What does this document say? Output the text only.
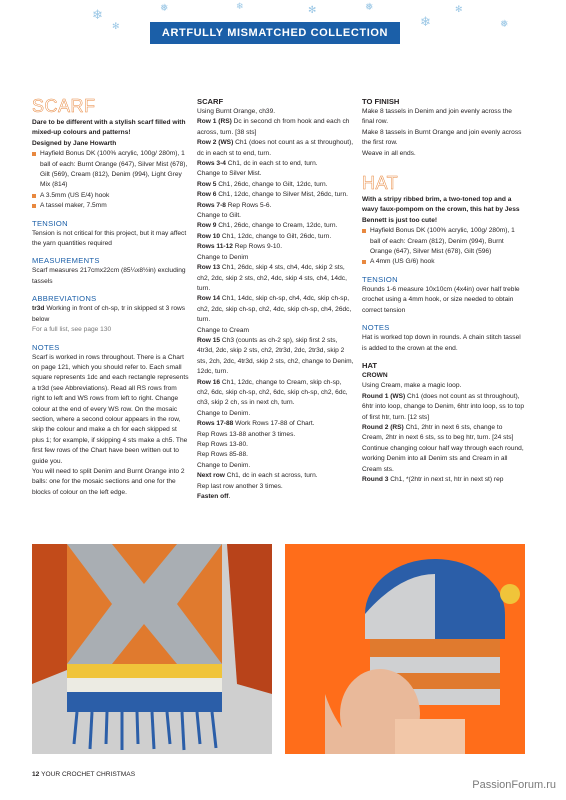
❄
✻
❅	❄	✻	❅
❄
✻
❅
ARTFULLY MISMATCHED COLLECTION
SCARF
Dare to be different with a stylish scarf filled with mixed-up colours and patterns!
Designed by Jane Howarth
Hayfield Bonus DK (100% acrylic, 100g/ 280m), 1 ball of each: Burnt Orange (647), Silver Mist (678), Gilt (569), Cream (812), Denim (994), Light Grey Mix (814)
A 3.5mm (US E/4) hook
A tassel maker, 7.5mm
TENSION
Tension is not critical for this project, but it may affect the yarn quantities required
MEASUREMENTS
Scarf measures 217cmx22cm (85¼x8½in) excluding tassels
ABBREVIATIONS
tr3d Working in front of ch-sp, tr in skipped st 3 rows below
For a full list, see page 130
NOTES
Scarf is worked in rows throughout. There is a Chart on page 121, which you should refer to. Each small square represents 1dc and each rectangle represents a tr3d (see Abbreviations). Read all RS rows from right to left and WS rows from left to right. Change colour at the end of every WS row. On the mosaic section, where a second colour appears in the row, skip the colour and make a ch for each skipped st plus 1; for example, if skipping 4 sts make a ch5. The first few rows of the Chart have been written out to guide you.
You will need to split Denim and Burnt Orange into 2 balls: one for the mosaic sections and one for the blocks of colour on the left edge.
SCARF
Using Burnt Orange, ch39.
Row 1 (RS) Dc in second ch from hook and each ch across, turn. [38 sts]
Row 2 (WS) Ch1 (does not count as a st throughout), dc in each st to end, turn.
Rows 3-4 Ch1, dc in each st to end, turn.
Change to Silver Mist.
Row 5 Ch1, 26dc, change to Gilt, 12dc, turn.
Row 6 Ch1, 12dc, change to Silver Mist, 26dc, turn.
Rows 7-8 Rep Rows 5-6.
Change to Gilt.
Row 9 Ch1, 26dc, change to Cream, 12dc, turn.
Row 10 Ch1, 12dc, change to Gilt, 26dc, turn.
Rows 11-12 Rep Rows 9-10.
Change to Denim
Row 13 Ch1, 26dc, skip 4 sts, ch4, 4dc, skip 2 sts, ch2, 2dc, skip 2 sts, ch2, 4dc, skip 4 sts, ch4, 14dc, turn.
Row 14 Ch1, 14dc, skip ch-sp, ch4, 4dc, skip ch-sp, ch2, 2dc, skip ch-sp, ch2, 4dc, skip ch-sp, ch4, 26dc, turn.
Change to Cream
Row 15 Ch3 (counts as ch-2 sp), skip first 2 sts, 4tr3d, 2dc, skip 2 sts, ch2, 2tr3d, 2dc, 2tr3d, skip 2 sts, 2ch, 2dc, 4tr3d, skip 2 sts, ch2, change to Denim, 12dc, turn.
Row 16 Ch1, 12dc, change to Cream, skip ch-sp, ch2, 6dc, skip ch-sp, ch2, 6dc, skip ch-sp, ch2, 6dc, ch3, skip 2 ch, ss in next ch, turn.
Change to Denim.
Rows 17-88 Work Rows 17-88 of Chart.
Rep Rows 13-88 another 3 times.
Rep Rows 13-80.
Rep Rows 85-88.
Change to Denim.
Next row Ch1, dc in each st across, turn.
Rep last row another 3 times.
Fasten off.
TO FINISH
Make 8 tassels in Denim and join evenly across the final row.
Make 8 tassels in Burnt Orange and join evenly across the first row.
Weave in all ends.
HAT
With a stripy ribbed brim, a two-toned top and a wavy faux-pompom on the crown, this hat by Jess Bennett is just too cute!
Hayfield Bonus DK (100% acrylic, 100g/ 280m), 1 ball of each: Cream (812), Denim (994), Burnt Orange (647), Silver Mist (678), Gilt (596)
A 4mm (US G/6) hook
TENSION
Rounds 1-6 measure 10x10cm (4x4in) over half treble crochet using a 4mm hook, or size needed to obtain correct tension
NOTES
Hat is worked top down in rounds. A chain stitch tassel is added to the crown at the end.
HAT
CROWN
Using Cream, make a magic loop.
Round 1 (WS) Ch1 (does not count as st throughout), 6htr into loop, change to Denim, 6htr into loop, ss to top of first htr, turn. [12 sts]
Round 2 (RS) Ch1, 2htr in next 6 sts, change to Cream, 2htr in next 6 sts, ss to beg htr, turn. [24 sts]
Continue changing colour half way through each round, working Denim into all Denim sts and Cream in all Cream sts.
Round 3 Ch1, *(2htr in next st, htr in next st) rep
12 YOUR CROCHET CHRISTMAS
PassionForum.ru
